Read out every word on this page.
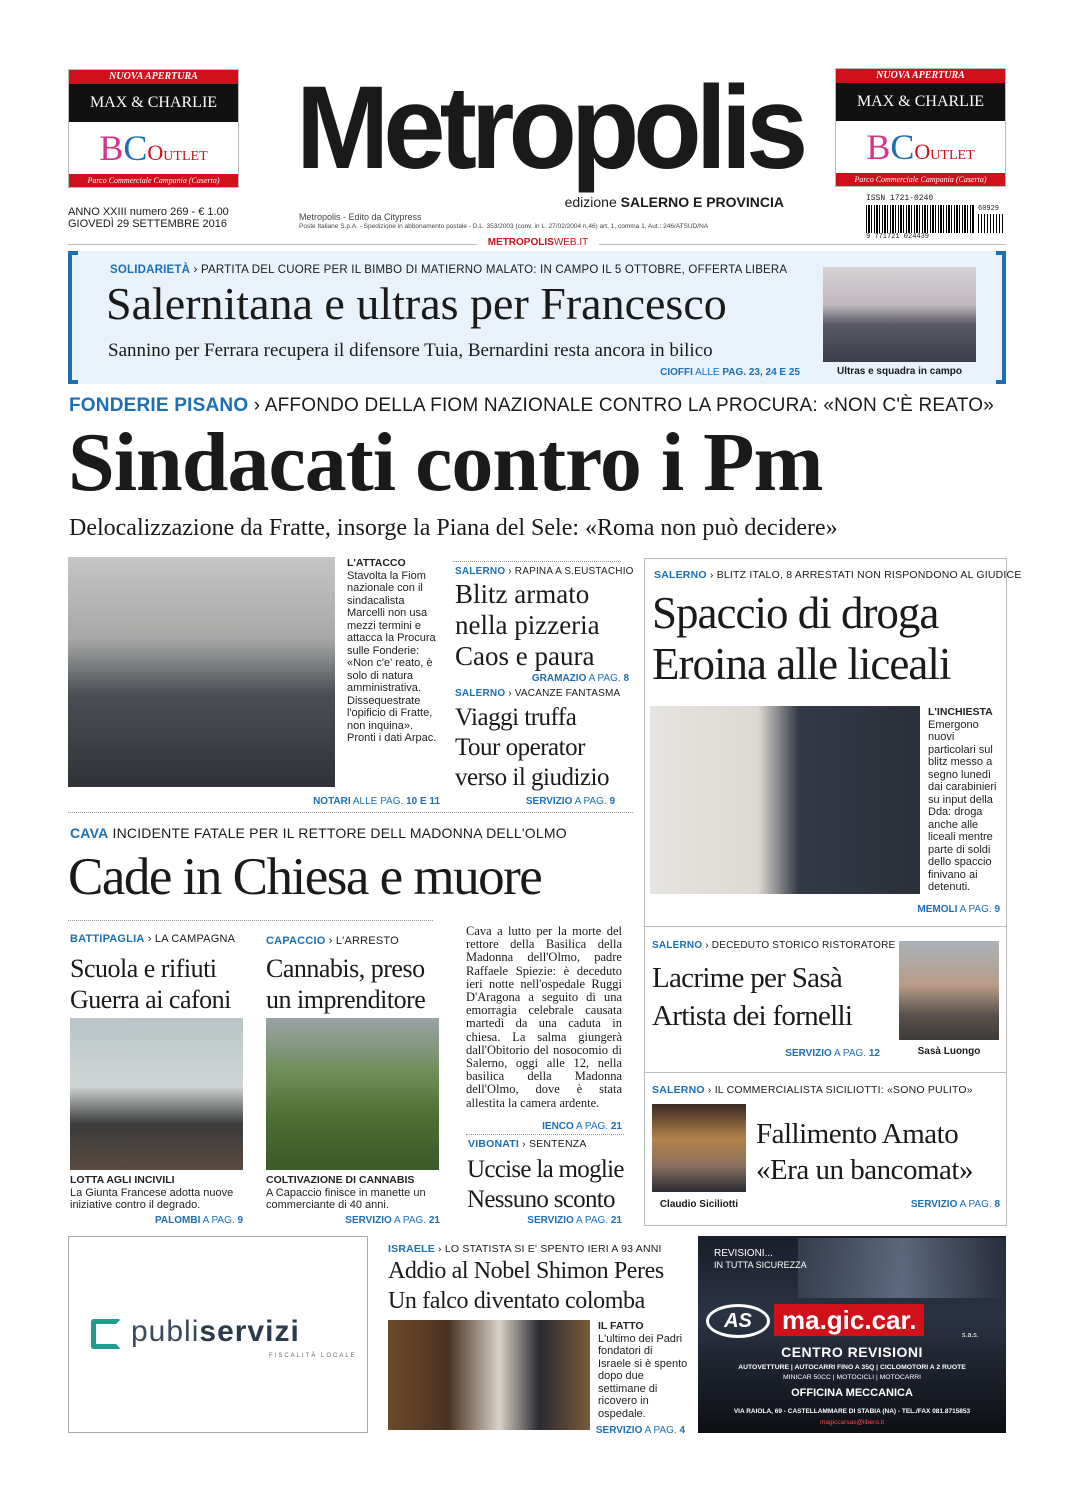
NUOVA APERTURA
MAX & CHARLIE
BCOUTLET
Parco Commerciale Campania (Caserta) Metropolis
edizione SALERNO E PROVINCIA
NUOVA APERTURA
MAX & CHARLIE
BCOUTLET
Parco Commerciale Campania (Caserta)
ANNO XXIII numero 269 - € 1.00
GIOVEDÌ 29 SETTEMBRE 2016
Metropolis - Edito da Citypress
Poste Italiane S.p.A. - Spedizione in abbonamento postale - D.L. 353/2003 (conv. in L. 27/02/2004 n.46) art. 1, comma 1, Aut.: 246/ATSUD/NA
ISSN 1721-0240
60929
9 771721 024439
METROPOLISWEB.IT
SOLIDARIETÀ › PARTITA DEL CUORE PER IL BIMBO DI MATIERNO MALATO: IN CAMPO IL 5 OTTOBRE, OFFERTA LIBERA
Salernitana e ultras per Francesco
Sannino per Ferrara recupera il difensore Tuia, Bernardini resta ancora in bilico
CIOFFI ALLE PAG. 23, 24 E 25	Ultras e squadra in campo
FONDERIE PISANO › AFFONDO DELLA FIOM NAZIONALE CONTRO LA PROCURA: «NON C'È REATO»
Sindacati contro i Pm
Delocalizzazione da Fratte, insorge la Piana del Sele: «Roma non può decidere»
L'ATTACCO
Stavolta la Fiom nazionale con il sindacalista Marcelli non usa mezzi termini e attacca la Procura sulle Fonderie: «Non c'e' reato, è solo di natura amministrativa. Dissequestrate l'opificio di Fratte, non inquina». Pronti i dati Arpac.
NOTARI ALLE PAG. 10 E 11
SALERNO › RAPINA A S.EUSTACHIO
Blitz armato
nella pizzeria
Caos e paura
GRAMAZIO A PAG. 8
SALERNO › VACANZE FANTASMA
Viaggi truffa
Tour operator
verso il giudizio
SERVIZIO A PAG. 9
SALERNO › BLITZ ITALO, 8 ARRESTATI NON RISPONDONO AL GIUDICE
Spaccio di droga
Eroina alle liceali
L'INCHIESTA
Emergono nuovi particolari sul blitz messo a segno lunedì dai carabinieri su input della Dda: droga anche alle liceali mentre parte di soldi dello spaccio finivano ai detenuti.
MEMOLI A PAG. 9
CAVA INCIDENTE FATALE PER IL RETTORE DELL MADONNA DELL'OLMO
Cade in Chiesa e muore
Cava a lutto per la morte del rettore della Basilica della Madonna dell'Olmo, padre Raffaele Spiezie: è deceduto ieri notte nell'ospedale Ruggi D'Aragona a seguito di una emorragia celebrale causata martedì da una caduta in chiesa. La salma giungerà dall'Obitorio del nosocomio di Salerno, oggi alle 12, nella basilica della Madonna dell'Olmo, dove è stata allestita la camera ardente.
IENCO A PAG. 21
BATTIPAGLIA › LA CAMPAGNA
Scuola e rifiuti
Guerra ai cafoni
LOTTA AGLI INCIVILI
La Giunta Francese adotta nuove iniziative contro il degrado.
PALOMBI A PAG. 9
CAPACCIO › L'ARRESTO
Cannabis, preso
un imprenditore
COLTIVAZIONE DI CANNABIS
A Capaccio finisce in manette un commerciante di 40 anni.
SERVIZIO A PAG. 21
VIBONATI › SENTENZA
Uccise la moglie
Nessuno sconto
SERVIZIO A PAG. 21
SALERNO › DECEDUTO STORICO RISTORATORE
Lacrime per Sasà
Artista dei fornelli
Sasà Luongo
SERVIZIO A PAG. 12
SALERNO › IL COMMERCIALISTA SICILIOTTI: «SONO PULITO»
Claudio Siciliotti
Fallimento Amato
«Era un bancomat»
SERVIZIO A PAG. 8
publiservizi
FISCALITÀ LOCALE
ISRAELE › LO STATISTA SI E' SPENTO IERI A 93 ANNI
Addio al Nobel Shimon Peres
Un falco diventato colomba
IL FATTO
L'ultimo dei Padri fondatori di Israele si è spento dopo due settimane di ricovero in ospedale.
SERVIZIO A PAG. 4
REVISIONI...
IN TUTTA SICUREZZA
AS	ma.gic.car.
s.a.s.
CENTRO REVISIONI
AUTOVETTURE | AUTOCARRI FINO A 35Q | CICLOMOTORI A 2 RUOTE
MINICAR 50CC | MOTOCICLI | MOTOCARRI
OFFICINA MECCANICA
VIA RAIOLA, 69 - CASTELLAMMARE DI STABIA (NA) - TEL./FAX 081.8715853
magiccarsas@libero.it
